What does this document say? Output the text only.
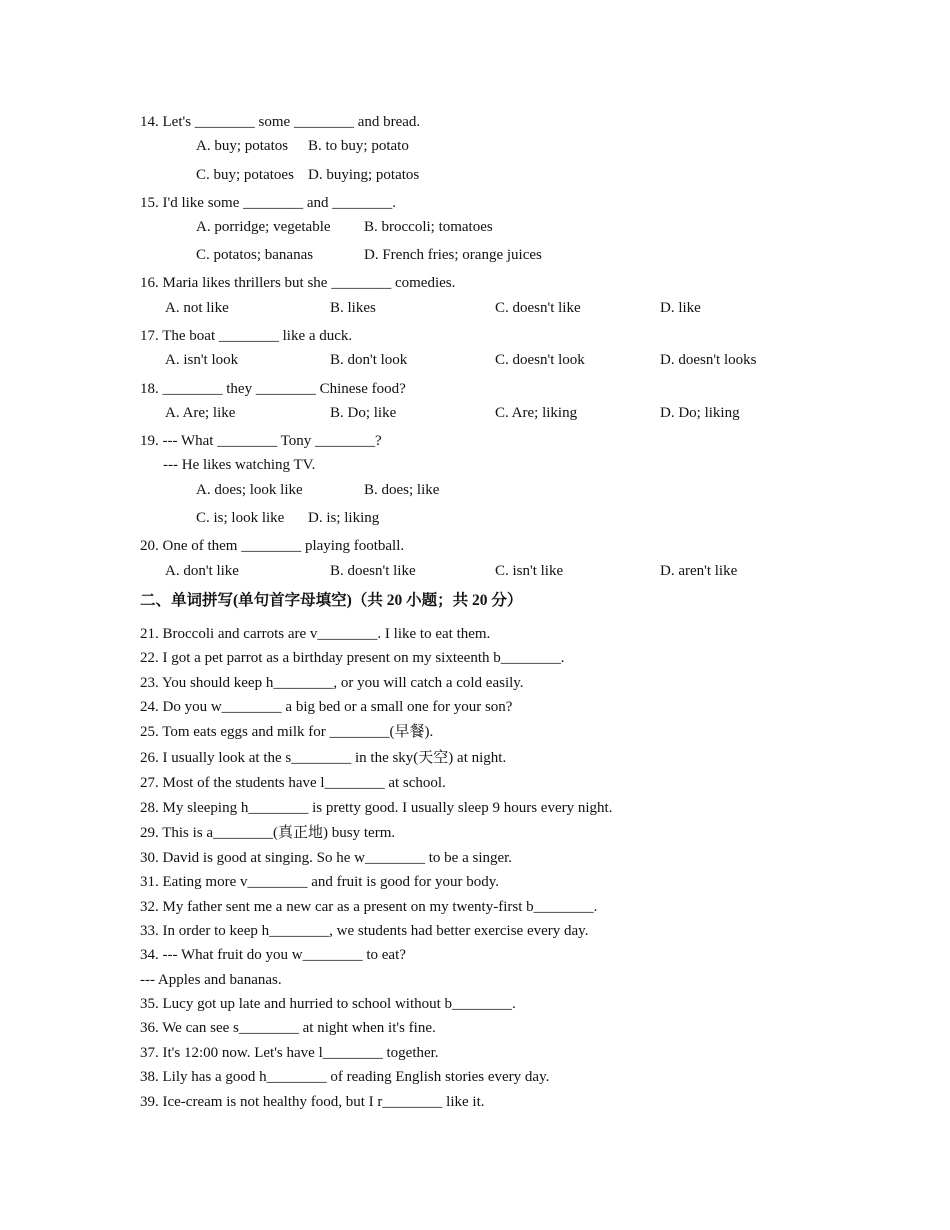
14. Let's ________ some ________ and bread.
A. buy; potatos B. to buy; potato
C. buy; potatoes D. buying; potatos
15. I'd like some ________ and ________.
A. porridge; vegetable B. broccoli; tomatoes
C. potatos; bananas	D. French fries; orange juices
16. Maria likes thrillers but she ________ comedies.
A. not like	B. likes	C. doesn't like	D. like
17. The boat ________ like a duck.
A. isn't look	B. don't look	C. doesn't look	D. doesn't looks
18. ________ they ________ Chinese food?
A. Are; like	B. Do; like	C. Are; liking	D. Do; liking
19. --- What ________ Tony ________?
--- He likes watching TV.
A. does; look like	B. does; like
C. is; look like D. is; liking
20. One of them ________ playing football.
A. don't like	B. doesn't like	C. isn't like	D. aren't like
二、单词拼写(单句首字母填空)（共 20 小题；共 20 分）
21. Broccoli and carrots are v________. I like to eat them.
22. I got a pet parrot as a birthday present on my sixteenth b________.
23. You should keep h________, or you will catch a cold easily.
24. Do you w________ a big bed or a small one for your son?
25. Tom eats eggs and milk for ________(早餐).
26. I usually look at the s________ in the sky(天空) at night.
27. Most of the students have l________ at school.
28. My sleeping h________ is pretty good. I usually sleep 9 hours every night.
29. This is a________(真正地) busy term.
30. David is good at singing. So he w________ to be a singer.
31. Eating more v________ and fruit is good for your body.
32. My father sent me a new car as a present on my twenty-first b________.
33. In order to keep h________, we students had better exercise every day.
34. --- What fruit do you w________ to eat?
--- Apples and bananas.
35. Lucy got up late and hurried to school without b________.
36. We can see s________ at night when it's fine.
37. It's 12:00 now. Let's have l________ together.
38. Lily has a good h________ of reading English stories every day.
39. Ice-cream is not healthy food, but I r________ like it.
